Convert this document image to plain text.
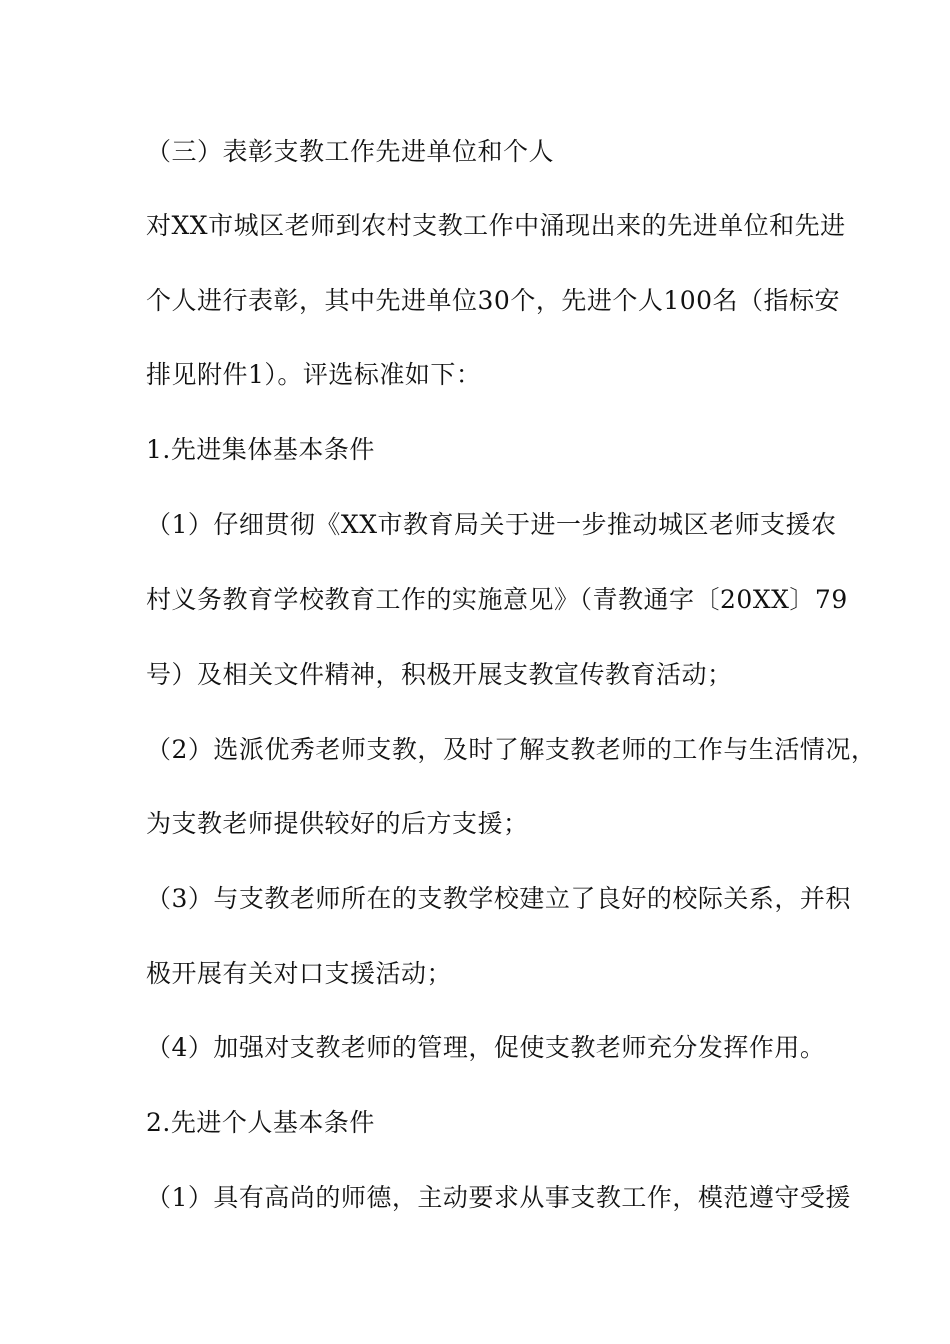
（三）表彰支教工作先进单位和个人
对XX市城区老师到农村支教工作中涌现出来的先进单位和先进
个人进行表彰，其中先进单位30个，先进个人100名（指标安
排见附件1）。评选标准如下：
1.先进集体基本条件
（1）仔细贯彻《XX市教育局关于进一步推动城区老师支援农
村义务教育学校教育工作的实施意见》（青教通字〔20XX〕79
号）及相关文件精神，积极开展支教宣传教育活动；
（2）选派优秀老师支教，及时了解支教老师的工作与生活情况，
为支教老师提供较好的后方支援；
（3）与支教老师所在的支教学校建立了良好的校际关系，并积
极开展有关对口支援活动；
（4）加强对支教老师的管理，促使支教老师充分发挥作用。
2.先进个人基本条件
（1）具有高尚的师德，主动要求从事支教工作，模范遵守受援
